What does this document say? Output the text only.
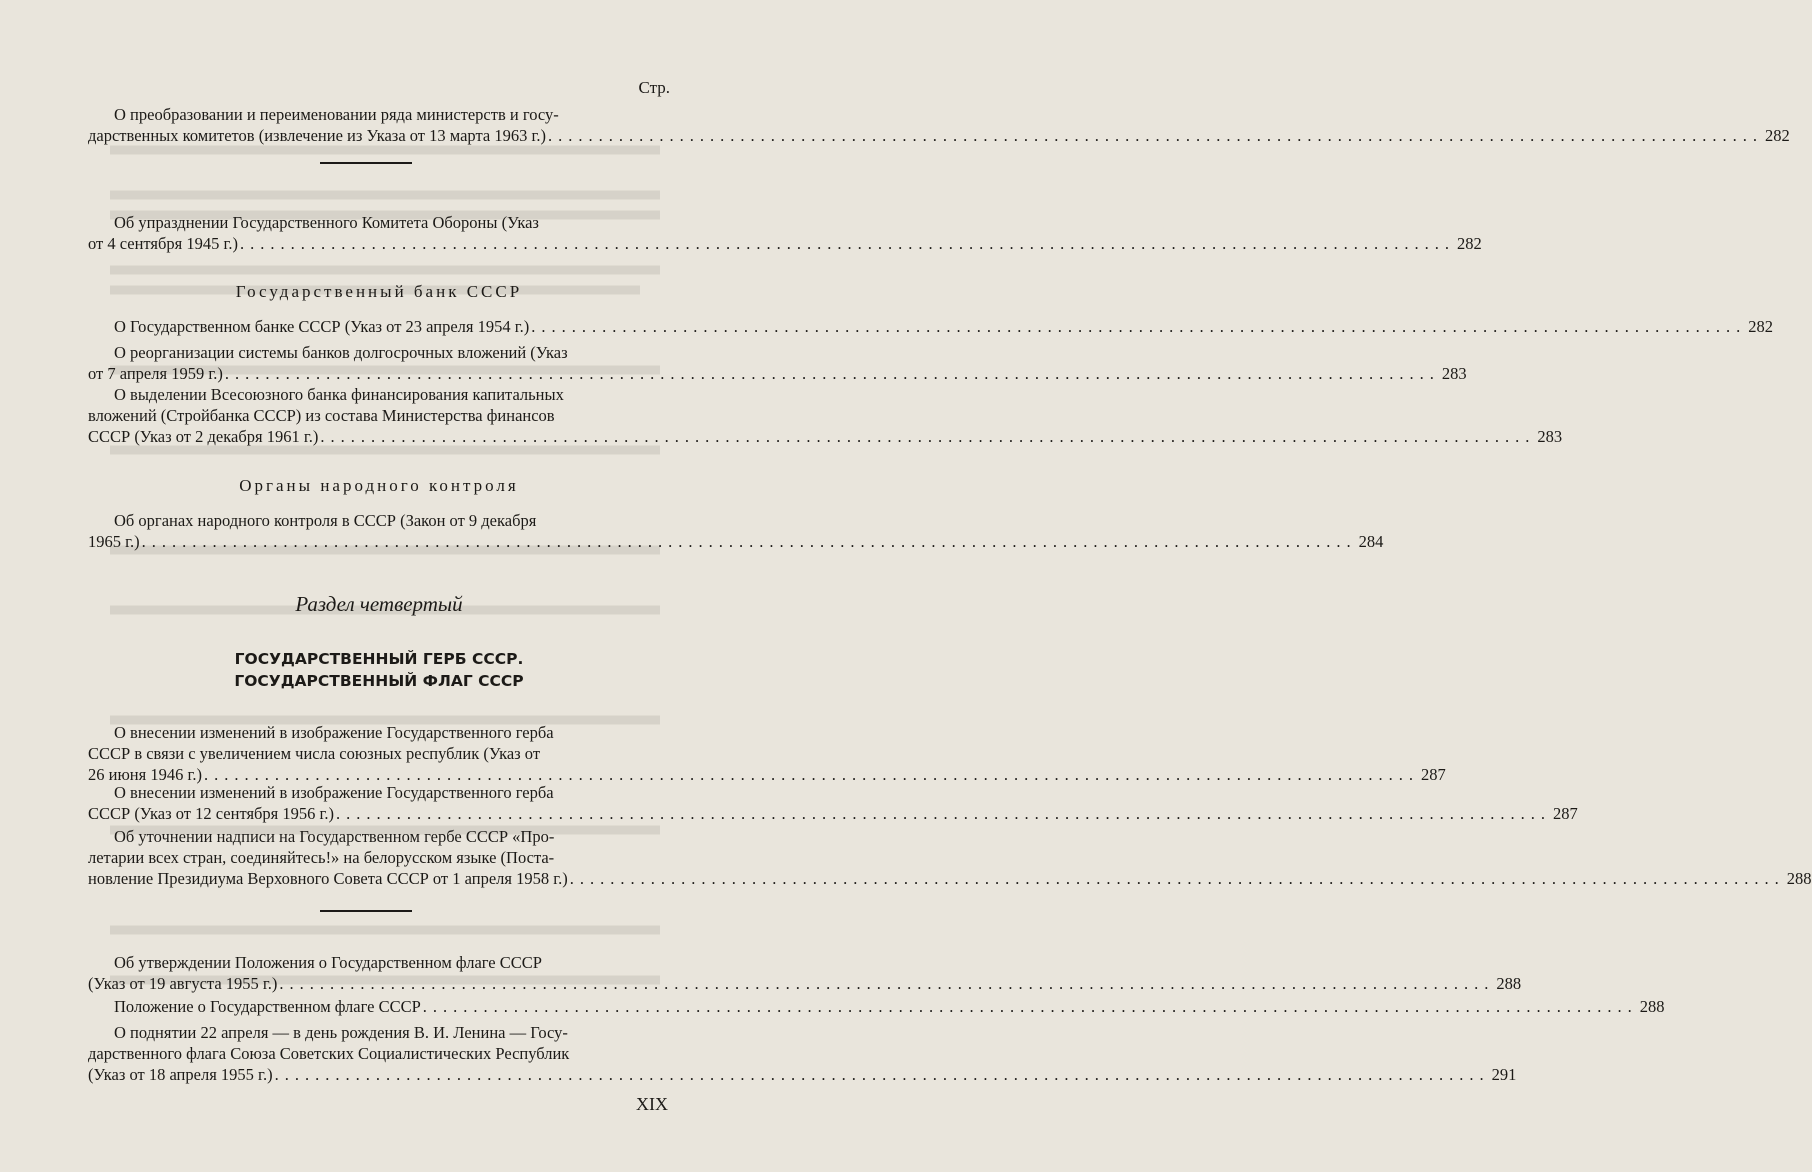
Стр.
О преобразовании и переименовании ряда министерств и госу-
дарственных комитетов (извлечение из Указа от 13 марта 1963 г.) ........................................................................................................................ 282
Об упразднении Государственного Комитета Обороны (Указ
от 4 сентября 1945 г.) ........................................................................................................................ 282
Государственный банк СССР
О Государственном банке СССР (Указ от 23 апреля 1954 г.) ........................................................................................................................ 282
О реорганизации системы банков долгосрочных вложений (Указ
от 7 апреля 1959 г.) ........................................................................................................................ 283
О выделении Всесоюзного банка финансирования капитальных
вложений (Стройбанка СССР) из состава Министерства финансов
СССР (Указ от 2 декабря 1961 г.) ........................................................................................................................ 283
Органы народного контроля
Об органах народного контроля в СССР (Закон от 9 декабря
1965 г.) ........................................................................................................................ 284
Раздел четвертый
ГОСУДАРСТВЕННЫЙ ГЕРБ СССР.
ГОСУДАРСТВЕННЫЙ ФЛАГ СССР
О внесении изменений в изображение Государственного герба
СССР в связи с увеличением числа союзных республик (Указ от
26 июня 1946 г.) ........................................................................................................................ 287
О внесении изменений в изображение Государственного герба
СССР (Указ от 12 сентября 1956 г.) ........................................................................................................................ 287
Об уточнении надписи на Государственном гербе СССР «Про-
летарии всех стран, соединяйтесь!» на белорусском языке (Поста-
новление Президиума Верховного Совета СССР от 1 апреля 1958 г.) ........................................................................................................................ 288
Об утверждении Положения о Государственном флаге СССР
(Указ от 19 августа 1955 г.) ........................................................................................................................ 288
Положение о Государственном флаге СССР ........................................................................................................................ 288
О поднятии 22 апреля — в день рождения В. И. Ленина — Госу-
дарственного флага Союза Советских Социалистических Республик
(Указ от 18 апреля 1955 г.) ........................................................................................................................ 291
XIX
